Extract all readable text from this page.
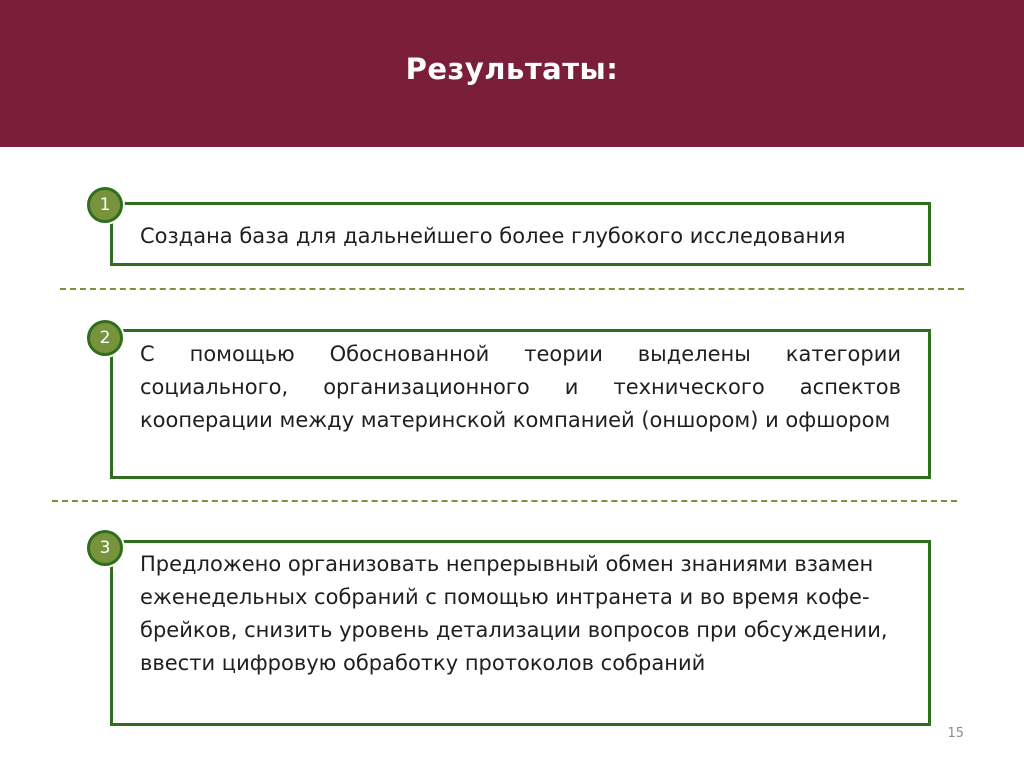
Результаты:
Создана база для дальнейшего более глубокого исследования
1
С помощью Обоснованной теории выделены категории социального, организационного и технического аспектов кооперации между материнской компанией (оншором) и офшором
2
Предложено организовать непрерывный обмен знаниями взамен еженедельных собраний с помощью интранета и во время кофе-брейков, снизить уровень детализации вопросов при обсуждении, ввести цифровую обработку протоколов собраний
3
15
